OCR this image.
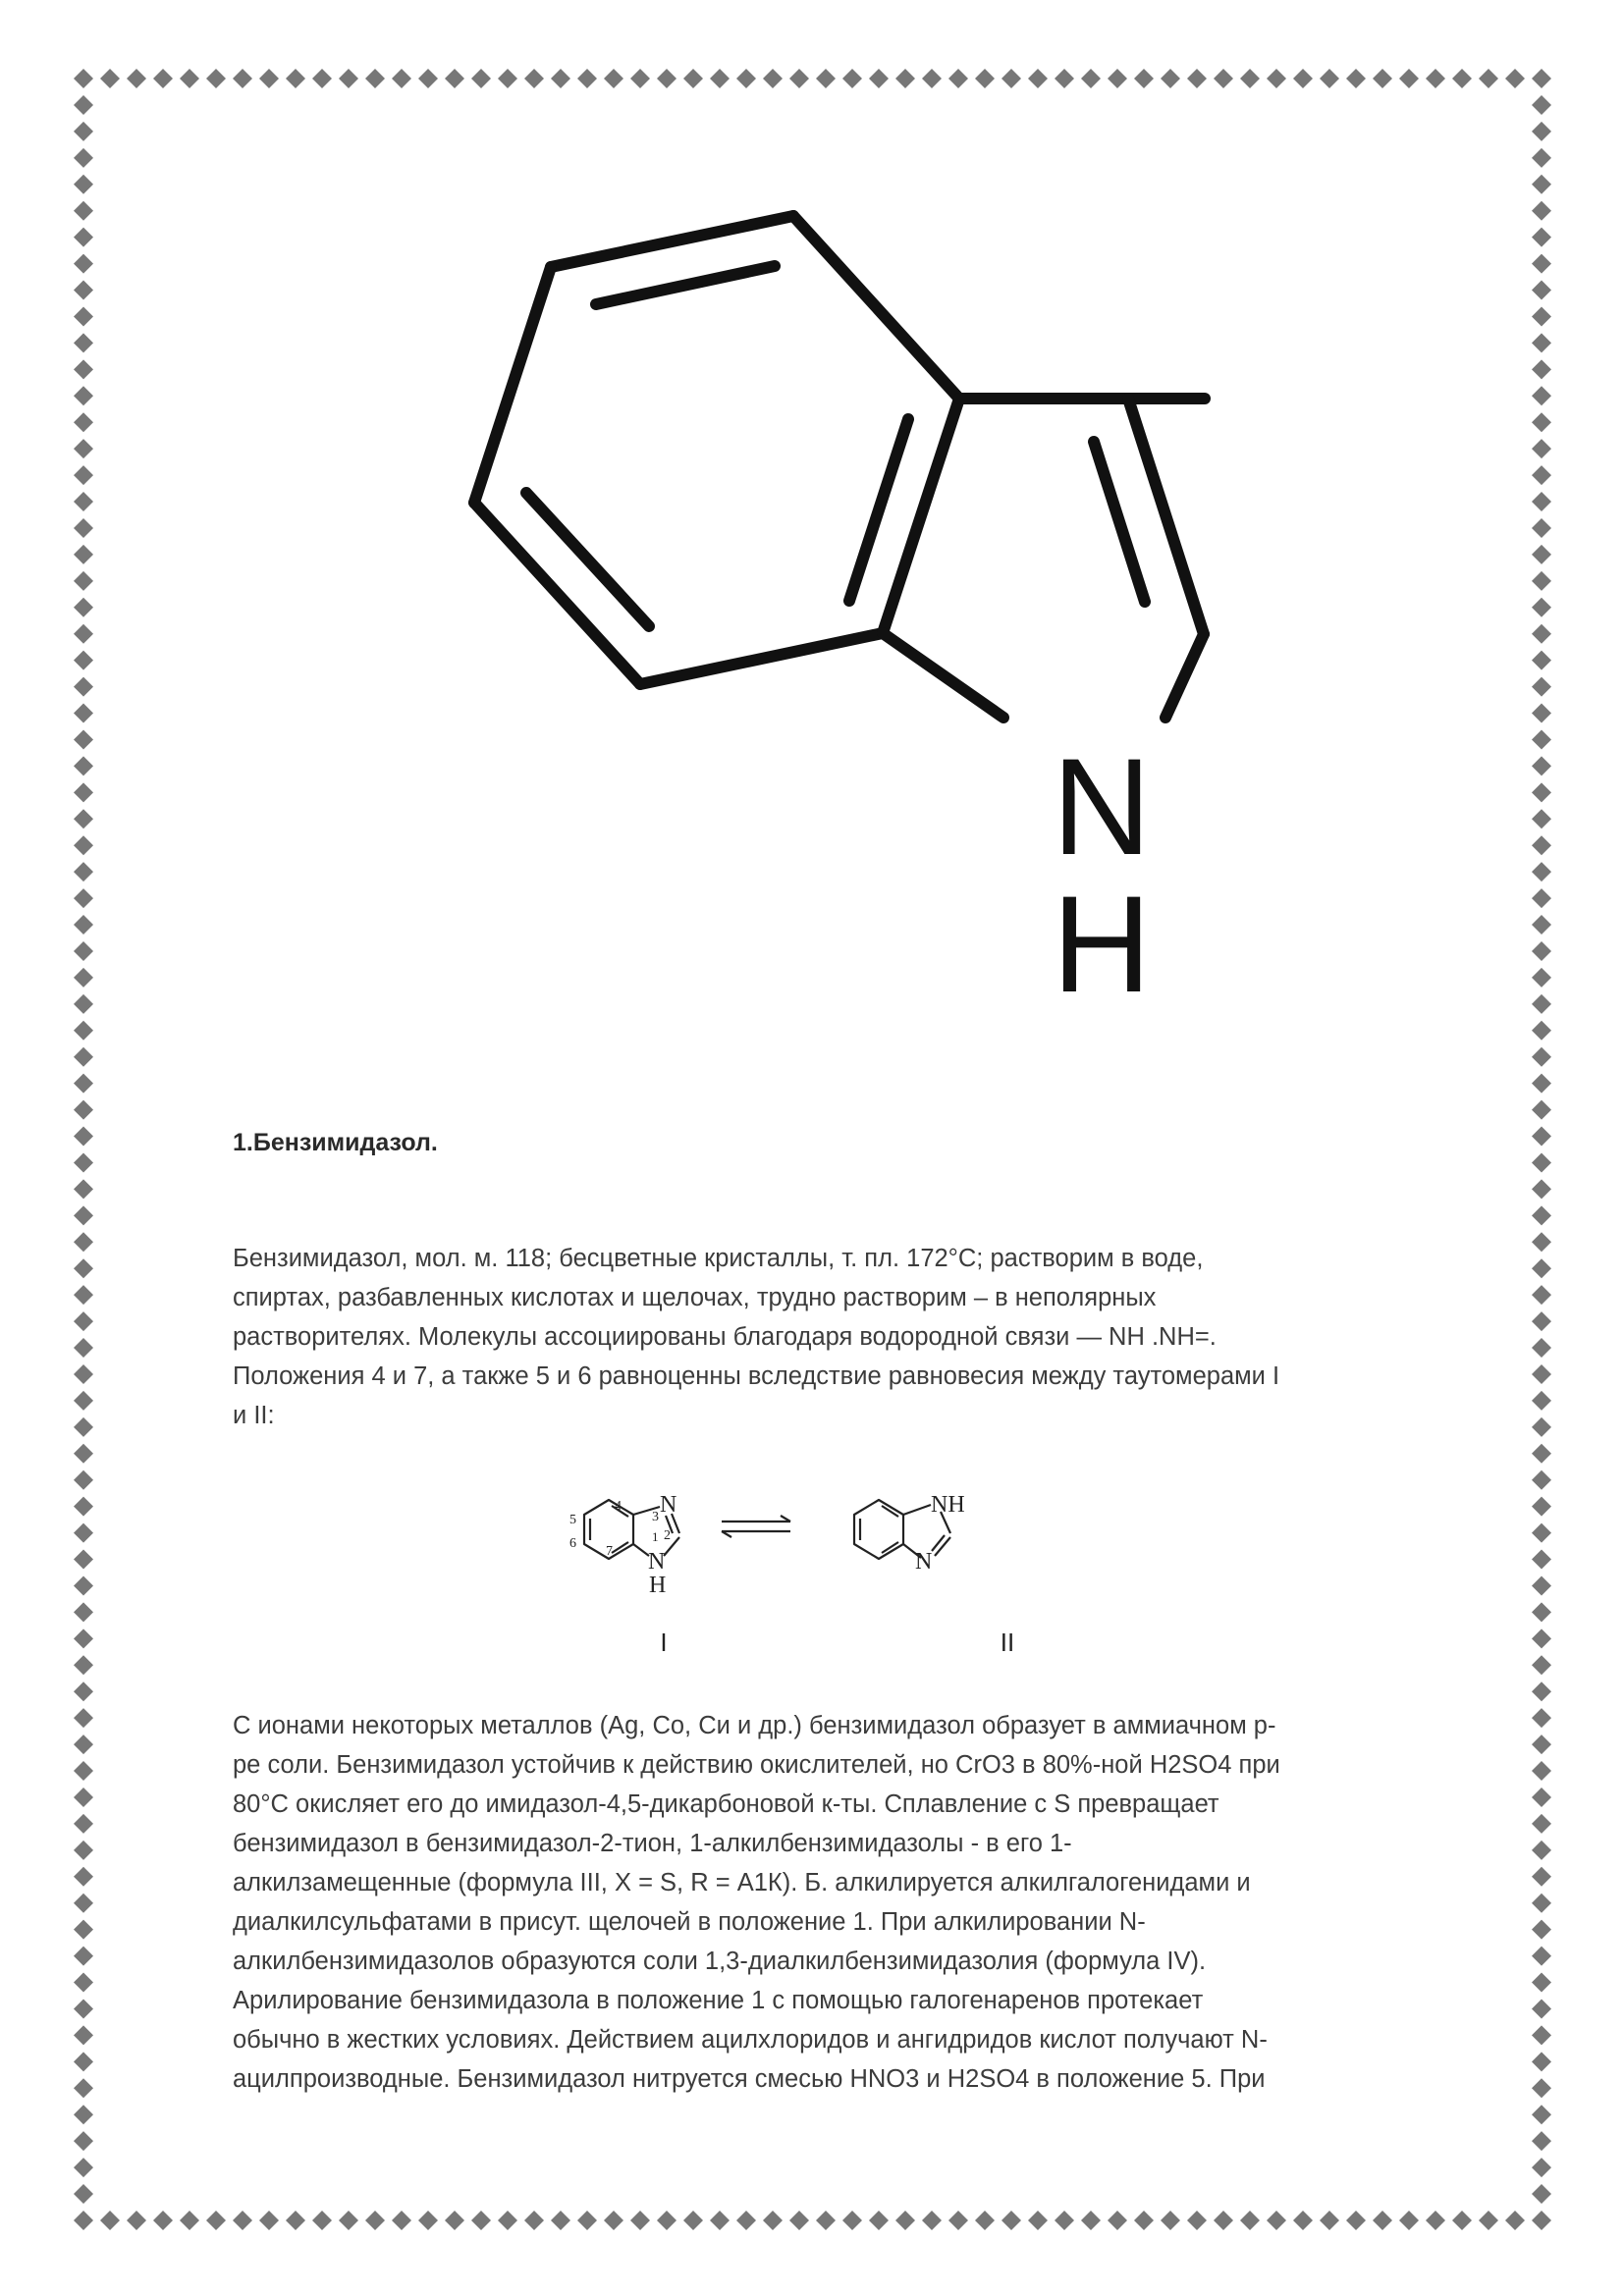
N
H

1.Бензимидазол.

Бензимидазол, мол. м. 118; бесцветные кристаллы, т. пл. 172°С; растворим в воде,
спиртах, разбавленных кислотах и щелочах, трудно растворим – в неполярных
растворителях. Молекулы ассоциированы благодаря водородной связи — NH .NH=.
Положения 4 и 7, а также 5 и 6 равноценны вследствие равновесия между таутомерами I
и II:
N
N
H
1 2
3
4
5
6
7
I
NH
N
II
С ионами некоторых металлов (Ag, Со, Си и др.) бензимидазол образует в аммиачном р-
ре соли. Бензимидазол устойчив к действию окислителей, но CrO3 в 80%-ной H2SO4 при
80°С окисляет его до имидазол-4,5-дикарбоновой к-ты. Сплавление с S превращает
бензимидазол в бензимидазол-2-тион, 1-алкилбензимидазолы - в его 1-
алкилзамещенные (формула III, X = S, R = А1К). Б. алкилируется алкилгалогенидами и
диалкилсульфатами в присут. щелочей в положение 1. При алкилировании N-
алкилбензимидазолов образуются соли 1,3-диалкилбензимидазолия (формула IV).
Арилирование бензимидазола в положение 1 с помощью галогенаренов протекает
обычно в жестких условиях. Действием ацилхлоридов и ангидридов кислот получают N-
ацилпроизводные. Бензимидазол нитруется смесью HNO3 и H2SO4 в положение 5. При
